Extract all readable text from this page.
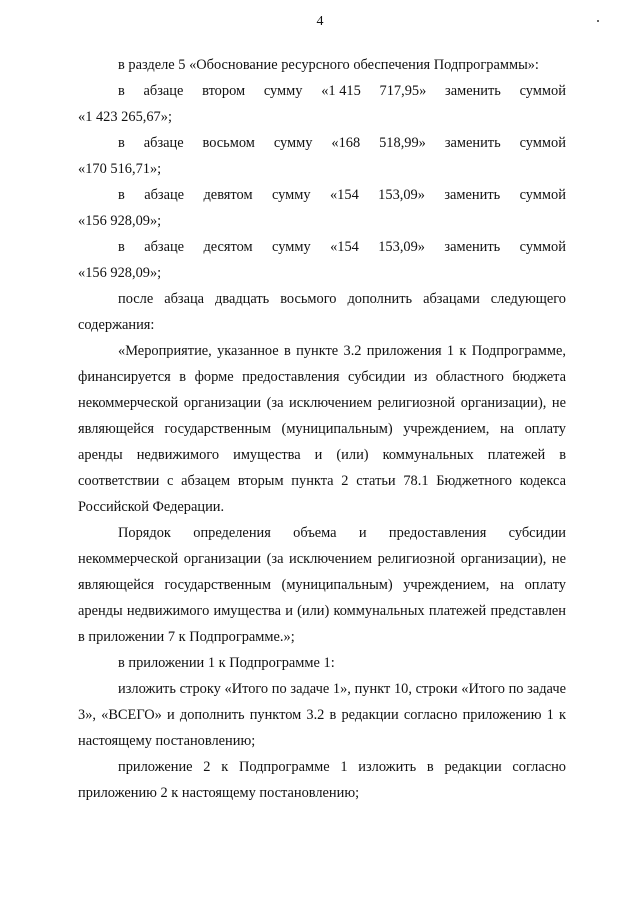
4

в разделе 5 «Обоснование ресурсного обеспечения Подпрограммы»:

в абзаце втором сумму «1 415 717,95» заменить суммой
«1 423 265,67»;
в абзаце восьмом сумму «168 518,99» заменить суммой
«170 516,71»;
в абзаце девятом сумму «154 153,09» заменить суммой
«156 928,09»;
в абзаце десятом сумму «154 153,09» заменить суммой
«156 928,09»;

после абзаца двадцать восьмого дополнить абзацами следующего содержания:

«Мероприятие, указанное в пункте 3.2 приложения 1 к Подпрограмме, финансируется в форме предоставления субсидии из областного бюджета некоммерческой организации (за исключением религиозной организации), не являющейся государственным (муниципальным) учреждением, на оплату аренды недвижимого имущества и (или) коммунальных платежей в соответствии с абзацем вторым пункта 2 статьи 78.1 Бюджетного кодекса Российской Федерации.

Порядок определения объема и предоставления субсидии некоммерческой организации (за исключением религиозной организации), не являющейся государственным (муниципальным) учреждением, на оплату аренды недвижимого имущества и (или) коммунальных платежей представлен в приложении 7 к Подпрограмме.»;

в приложении 1 к Подпрограмме 1:

изложить строку «Итого по задаче 1», пункт 10, строки «Итого по задаче 3», «ВСЕГО» и дополнить пунктом 3.2 в редакции согласно приложению 1 к настоящему постановлению;

приложение 2 к Подпрограмме 1 изложить в редакции согласно приложению 2 к настоящему постановлению;
